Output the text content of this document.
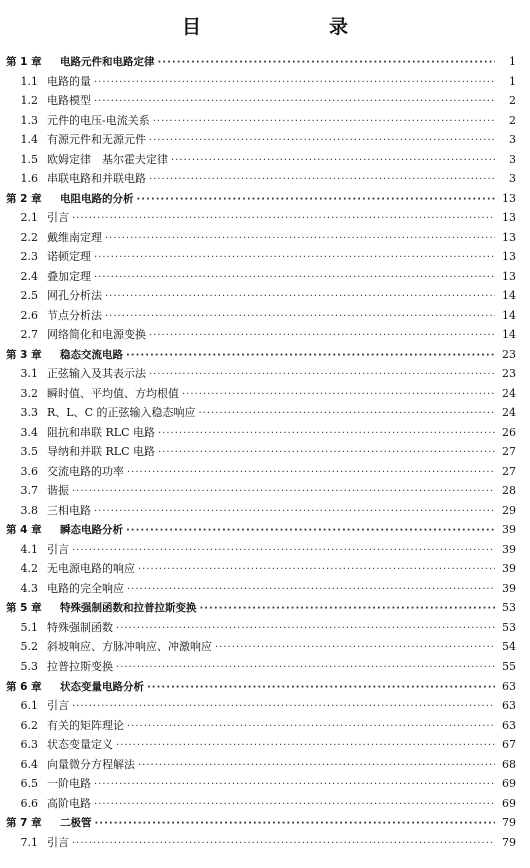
目　　录
第 1 章	电路元件和电路定律 ·····	1
1.1 电路的量 ·····	1
1.2 电路模型 ·····	2
1.3 元件的电压-电流关系 ·····	2
1.4 有源元件和无源元件 ·····	3
1.5 欧姆定律　基尔霍夫定律 ·····	3
1.6 串联电路和并联电路 ·····	3
第 2 章	电阻电路的分析 ·····	13
2.1 引言 ·····	13
2.2 戴维南定理 ·····	13
2.3 诺顿定理 ·····	13
2.4 叠加定理 ·····	13
2.5 网孔分析法 ·····	14
2.6 节点分析法 ·····	14
2.7 网络简化和电源变换 ·····	14
第 3 章	稳态交流电路 ·····	23
3.1 正弦输入及其表示法 ·····	23
3.2 瞬时值、平均值、方均根值 ·····	24
3.3 R、L、C 的正弦输入稳态响应 ·····	24
3.4 阻抗和串联 RLC 电路 ·····	26
3.5 导纳和并联 RLC 电路 ·····	27
3.6 交流电路的功率 ·····	27
3.7 谐振 ·····	28
3.8 三相电路 ·····	29
第 4 章	瞬态电路分析 ·····	39
4.1 引言 ·····	39
4.2 无电源电路的响应 ·····	39
4.3 电路的完全响应 ·····	39
第 5 章	特殊强制函数和拉普拉斯变换 ·····	53
5.1 特殊强制函数 ·····	53
5.2 斜坡响应、方脉冲响应、冲激响应 ·····	54
5.3 拉普拉斯变换 ·····	55
第 6 章	状态变量电路分析 ·····	63
6.1 引言 ·····	63
6.2 有关的矩阵理论 ·····	63
6.3 状态变量定义 ·····	67
6.4 向量微分方程解法 ·····	68
6.5 一阶电路 ·····	69
6.6 高阶电路 ·····	69
第 7 章	二极管 ·····	79
7.1 引言 ·····	79
